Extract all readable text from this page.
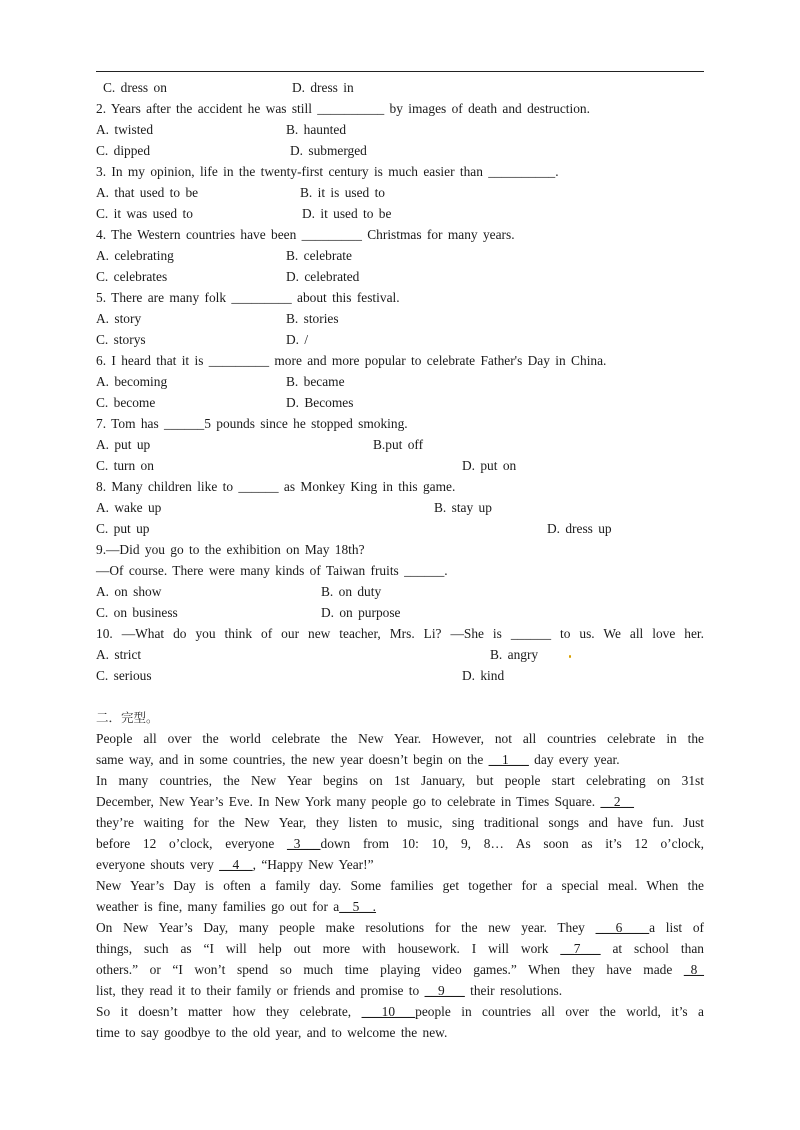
C. dress on	D. dress in
2. Years after the accident he was still __________ by images of death and destruction.
A. twisted	B. haunted
C. dipped	D. submerged
3. In my opinion, life in the twenty-first century is much easier than __________.
A. that used to be	B. it is used to
C. it was used to	D. it used to be
4. The Western countries have been _________ Christmas for many years.
A. celebrating	B. celebrate
C. celebrates	D. celebrated
5. There are many folk _________ about this festival.
A. story	B. stories
C. storys	D. /
6. I heard that it is _________ more and more popular to celebrate Father's Day in China.
A. becoming	B. became
C. become	D. Becomes
7. Tom has ______5 pounds since he stopped smoking.
A. put up	B.put off
C. turn on	D. put on
8. Many children like to ______ as Monkey King in this game.
A. wake up	B. stay up
C. put up	D. dress up
9.—Did you go to the exhibition on May 18th?
—Of course. There were many kinds of Taiwan fruits ______.
A. on show	B. on duty
C. on business	D. on purpose
10. —What do you think of our new teacher, Mrs. Li? —She is ______ to us. We all love her.
A. strict	B. angry
C. serious	D. kind
二．完型。
People all over the world celebrate the New Year. However, not all countries celebrate in the
same way, and in some countries, the new year doesn’t begin on the __1___ day every year.
In many countries, the New Year begins on 1st January, but people start celebrating on 31st
December, New Year’s Eve. In New York many people go to celebrate in Times Square. __2__
they’re waiting for the New Year, they listen to music, sing traditional songs and have fun. Just
before 12 o’clock, everyone _3___down from 10: 10, 9, 8… As soon as it’s 12 o’clock,
everyone shouts very __4__, “Happy New Year!”
New Year’s Day is often a family day. Some families get together for a special meal. When the
weather is fine, many families go out for a__5__.
On New Year’s Day, many people make resolutions for the new year. They ___6____a list of
things, such as “I will help out more with housework. I will work __7___ at school than
others.” or “I won’t spend so much time playing video games.” When they have made _8_
list, they read it to their family or friends and promise to __9___ their resolutions.
So it doesn’t matter how they celebrate, ___10___people in countries all over the world, it’s a
time to say goodbye to the old year, and to welcome the new.
